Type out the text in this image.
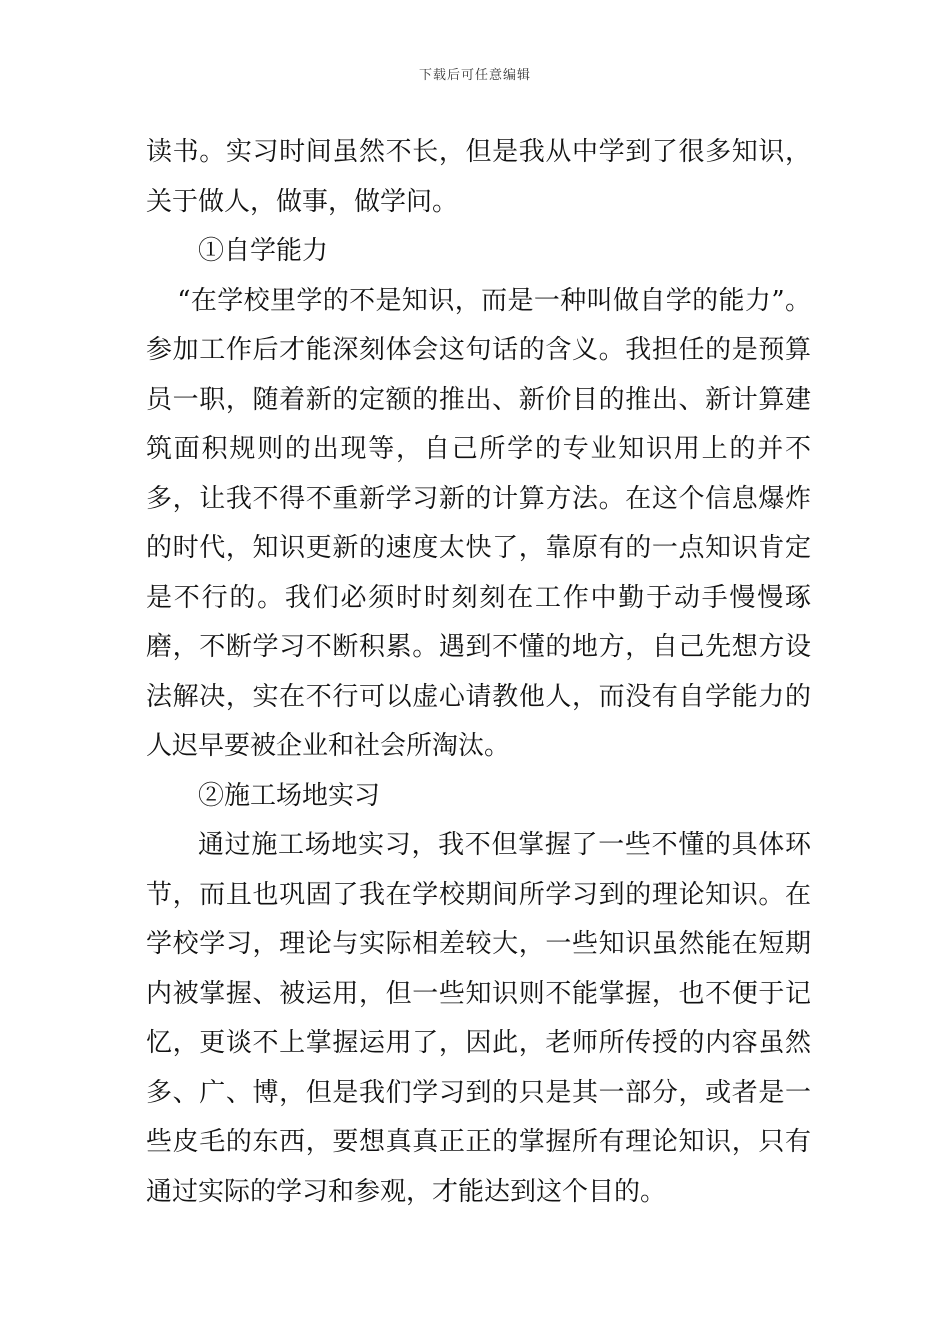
下载后可任意编辑

读书。实习时间虽然不长，但是我从中学到了很多知识，关于做人，做事，做学问。

①自学能力

“在学校里学的不是知识，而是一种叫做自学的能力”。参加工作后才能深刻体会这句话的含义。我担任的是预算员一职，随着新的定额的推出、新价目的推出、新计算建筑面积规则的出现等，自己所学的专业知识用上的并不多，让我不得不重新学习新的计算方法。在这个信息爆炸的时代，知识更新的速度太快了，靠原有的一点知识肯定是不行的。我们必须时时刻刻在工作中勤于动手慢慢琢磨，不断学习不断积累。遇到不懂的地方，自己先想方设法解决，实在不行可以虚心请教他人，而没有自学能力的人迟早要被企业和社会所淘汰。

②施工场地实习

通过施工场地实习，我不但掌握了一些不懂的具体环节，而且也巩固了我在学校期间所学习到的理论知识。在学校学习，理论与实际相差较大，一些知识虽然能在短期内被掌握、被运用，但一些知识则不能掌握，也不便于记忆，更谈不上掌握运用了，因此，老师所传授的内容虽然多、广、博，但是我们学习到的只是其一部分，或者是一些皮毛的东西，要想真真正正的掌握所有理论知识，只有通过实际的学习和参观，才能达到这个目的。
